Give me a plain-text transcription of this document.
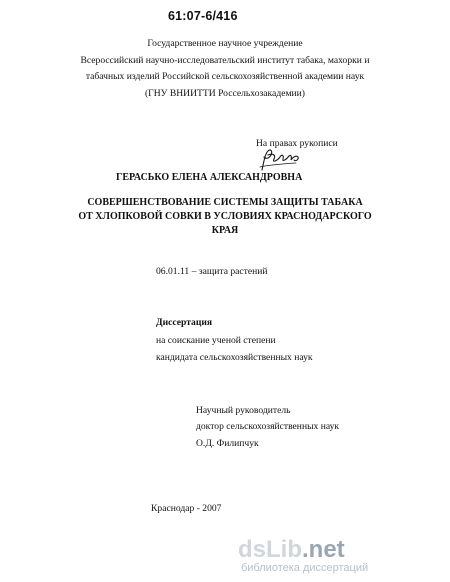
61:07-6/416
Государственное научное учреждение
Всероссийский научно-исследовательский институт табака, махорки и
табачных изделий Российской сельскохозяйственной академии наук
(ГНУ ВНИИТТИ Россельхозакадемии)
На правах рукописи
ГЕРАСЬКО ЕЛЕНА АЛЕКСАНДРОВНА
СОВЕРШЕНСТВОВАНИЕ СИСТЕМЫ ЗАЩИТЫ ТАБАКА
ОТ ХЛОПКОВОЙ СОВКИ В УСЛОВИЯХ КРАСНОДАРСКОГО
КРАЯ
06.01.11 – защита растений
Диссертация
на соискание ученой степени
кандидата сельскохозяйственных наук
Научный руководитель
доктор сельскохозяйственных наук
О.Д. Филипчук
Краснодар - 2007
dsLib.net
библиотека диссертаций
